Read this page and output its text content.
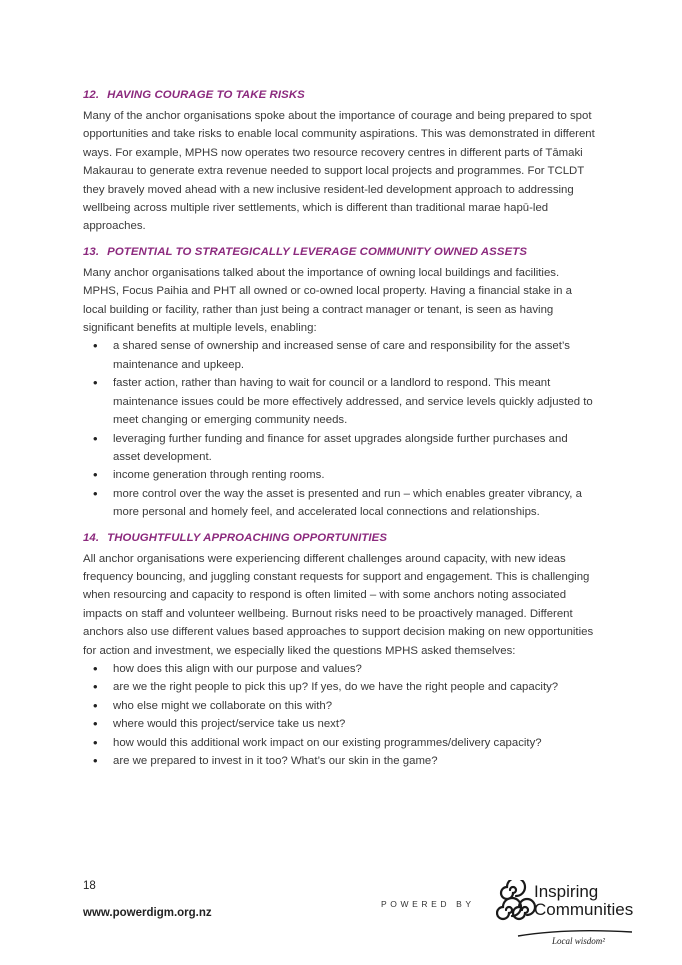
12. HAVING COURAGE TO TAKE RISKS

Many of the anchor organisations spoke about the importance of courage and being prepared to spot opportunities and take risks to enable local community aspirations. This was demonstrated in different ways. For example, MPHS now operates two resource recovery centres in different parts of Tāmaki Makaurau to generate extra revenue needed to support local projects and programmes. For TCLDT they bravely moved ahead with a new inclusive resident-led development approach to addressing wellbeing across multiple river settlements, which is different than traditional marae hapū-led approaches.

13. POTENTIAL TO STRATEGICALLY LEVERAGE COMMUNITY OWNED ASSETS

Many anchor organisations talked about the importance of owning local buildings and facilities. MPHS, Focus Paihia and PHT all owned or co-owned local property. Having a financial stake in a local building or facility, rather than just being a contract manager or tenant, is seen as having significant benefits at multiple levels, enabling:

• a shared sense of ownership and increased sense of care and responsibility for the asset’s maintenance and upkeep.
• faster action, rather than having to wait for council or a landlord to respond. This meant maintenance issues could be more effectively addressed, and service levels quickly adjusted to meet changing or emerging community needs.
• leveraging further funding and finance for asset upgrades alongside further purchases and asset development.
• income generation through renting rooms.
• more control over the way the asset is presented and run – which enables greater vibrancy, a more personal and homely feel, and accelerated local connections and relationships.
14. THOUGHTFULLY APPROACHING OPPORTUNITIES

All anchor organisations were experiencing different challenges around capacity, with new ideas frequency bouncing, and juggling constant requests for support and engagement. This is challenging when resourcing and capacity to respond is often limited – with some anchors noting associated impacts on staff and volunteer wellbeing. Burnout risks need to be proactively managed. Different anchors also use different values based approaches to support decision making on new opportunities for action and investment, we especially liked the questions MPHS asked themselves:

• how does this align with our purpose and values?
• are we the right people to pick this up? If yes, do we have the right people and capacity?
• who else might we collaborate on this with?
• where would this project/service take us next?
• how would this additional work impact on our existing programmes/delivery capacity?
• are we prepared to invest in it too? What’s our skin in the game?
18
www.powerdigm.org.nz
POWERED BY
Inspiring
Communities
Local wisdom²
